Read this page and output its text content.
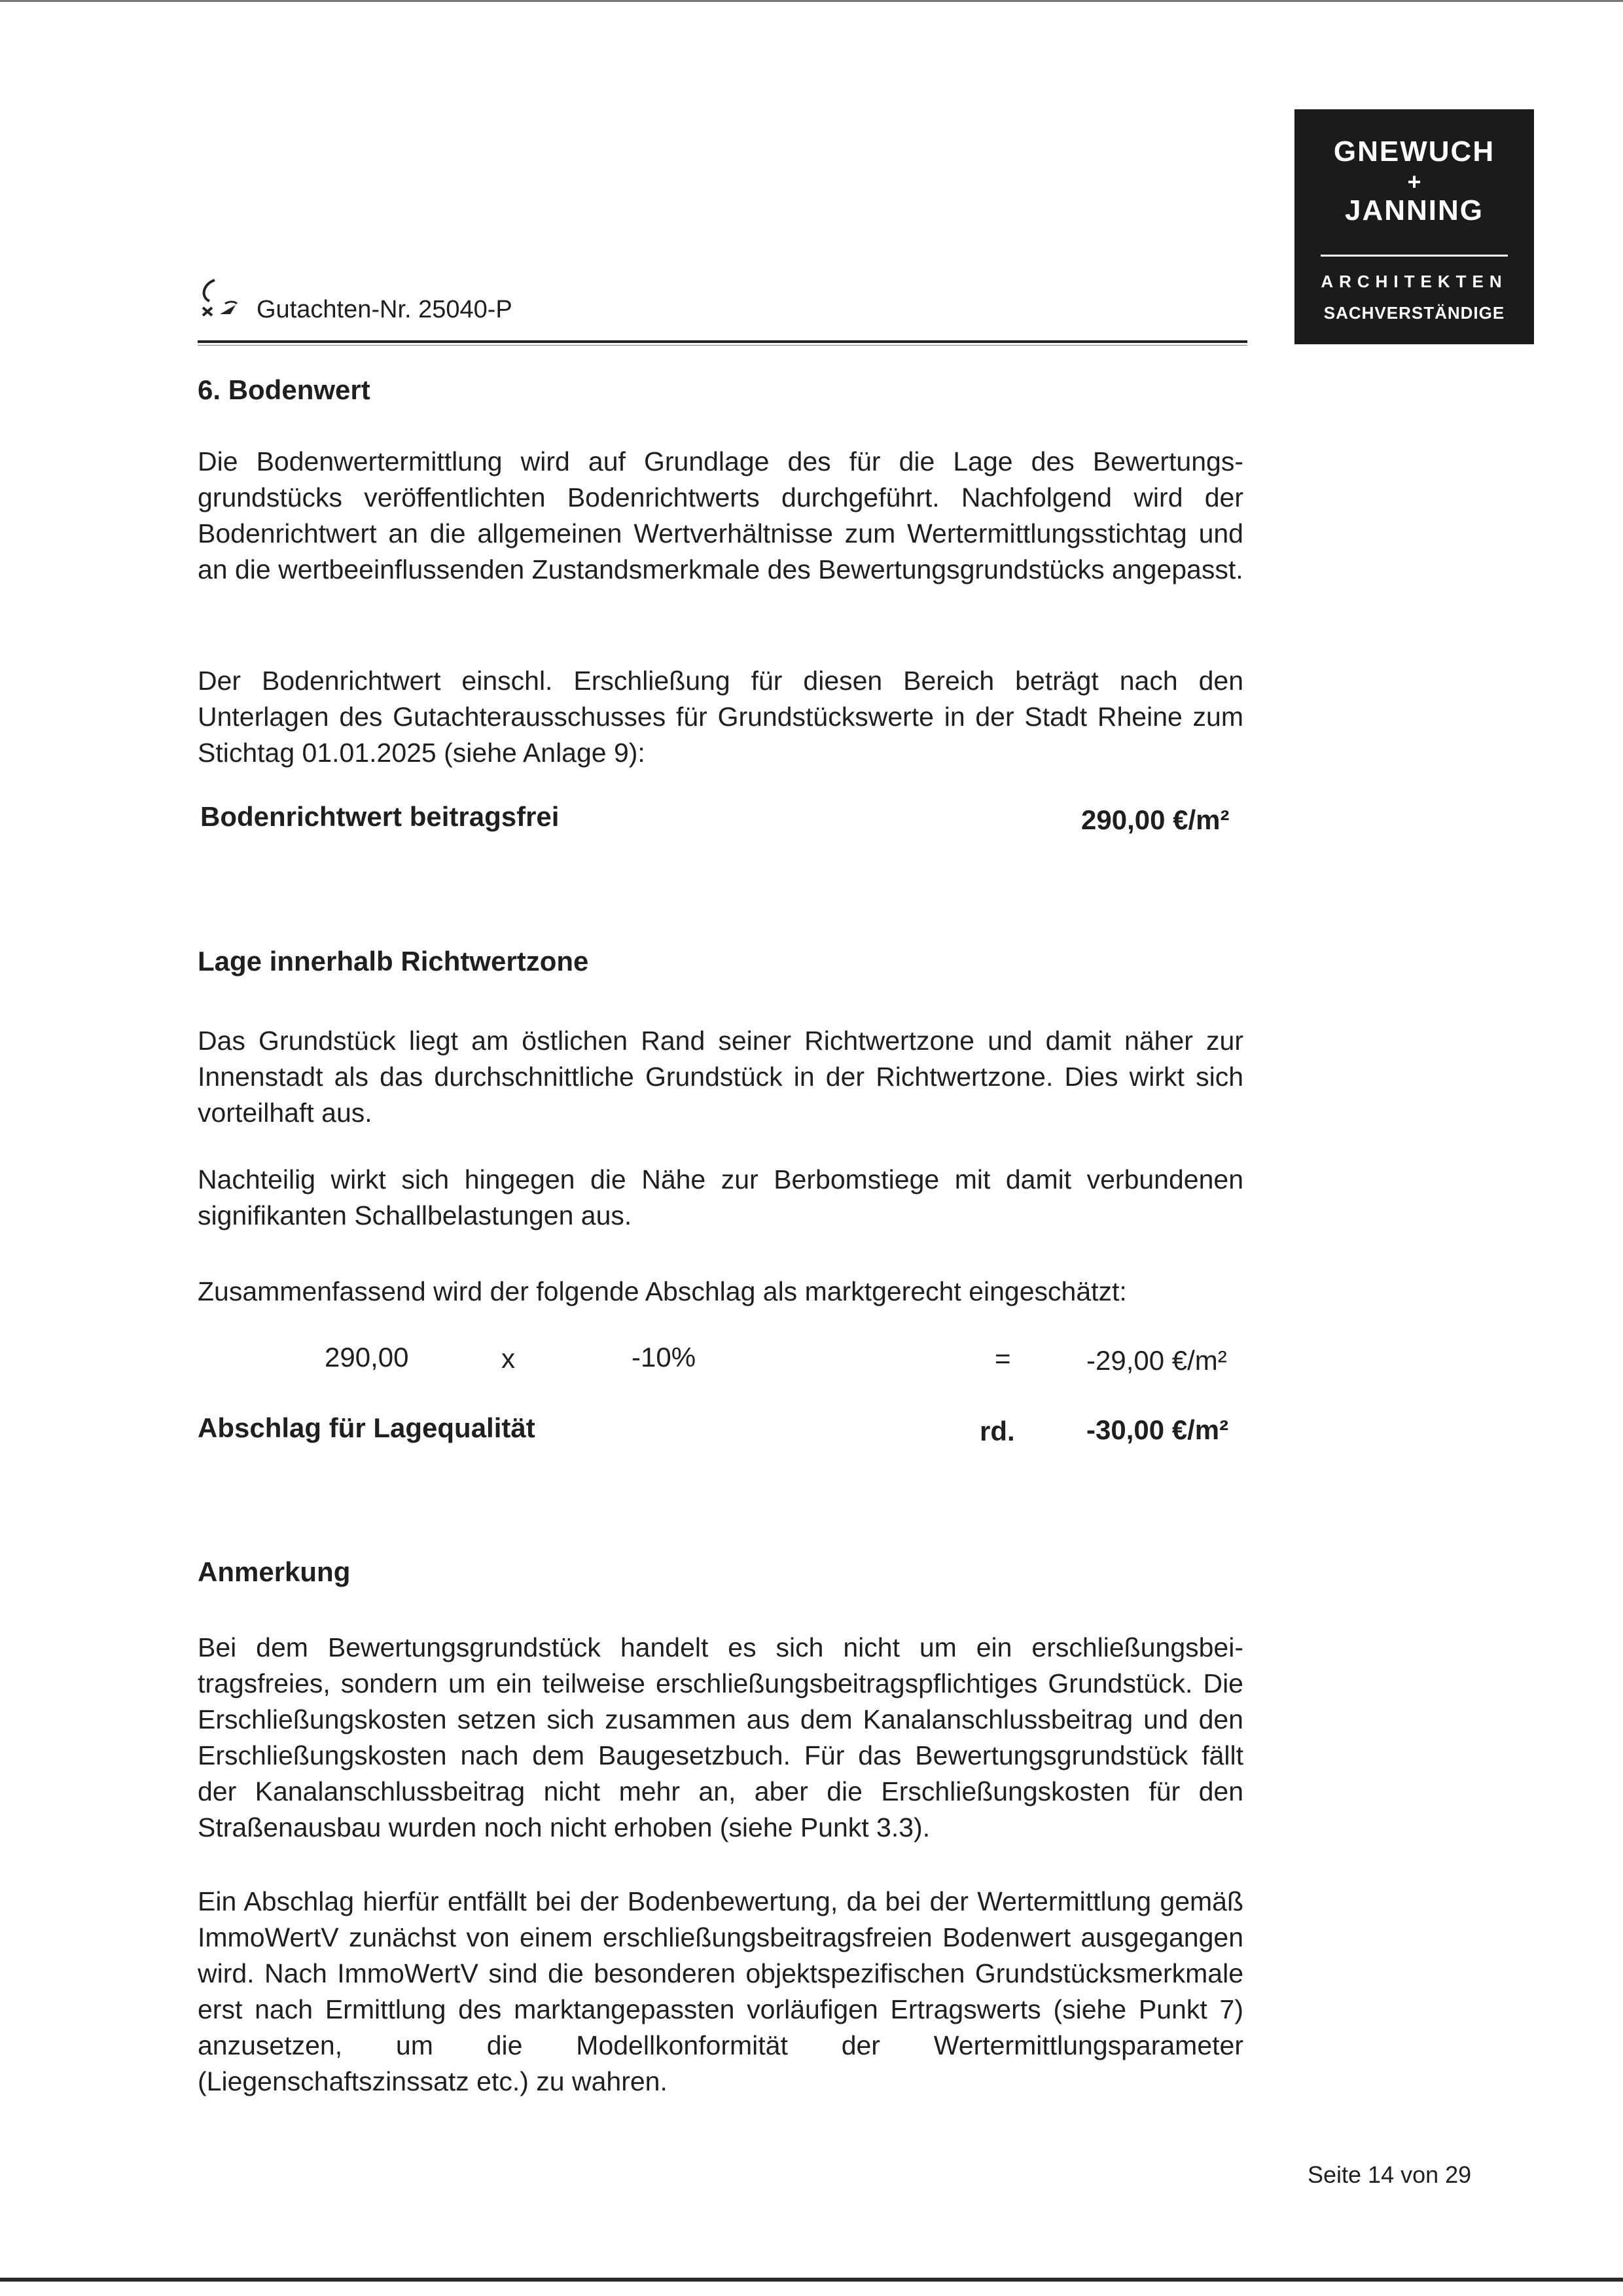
GNEWUCH
+
JANNING
ARCHITEKTEN
SACHVERSTÄNDIGE
Gutachten-Nr. 25040-P
6. Bodenwert

Die Bodenwertermittlung wird auf Grundlage des für die Lage des Bewertungsgrundstücks veröffentlichten Bodenrichtwerts durchgeführt. Nachfolgend wird der Bodenrichtwert an die allgemeinen Wertverhältnisse zum Wertermittlungsstichtag und an die wertbeeinflussenden Zustandsmerkmale des Bewertungsgrundstücks angepasst.

Der Bodenrichtwert einschl. Erschließung für diesen Bereich beträgt nach den Unterlagen des Gutachterausschusses für Grundstückswerte in der Stadt Rheine zum Stichtag 01.01.2025 (siehe Anlage 9):

Bodenrichtwert beitragsfrei	290,00 €/m²
Lage innerhalb Richtwertzone

Das Grundstück liegt am östlichen Rand seiner Richtwertzone und damit näher zur Innenstadt als das durchschnittliche Grundstück in der Richtwertzone. Dies wirkt sich vorteilhaft aus.

Nachteilig wirkt sich hingegen die Nähe zur Berbomstiege mit damit verbundenen signifikanten Schallbelastungen aus.

Zusammenfassend wird der folgende Abschlag als marktgerecht eingeschätzt:

290,00	x	-10%	=	-29,00 €/m²
Abschlag für Lagequalität	rd.	-30,00 €/m²
Anmerkung

Bei dem Bewertungsgrundstück handelt es sich nicht um ein erschließungsbeitragsfreies, sondern um ein teilweise erschließungsbeitragspflichtiges Grundstück. Die Erschließungskosten setzen sich zusammen aus dem Kanalanschlussbeitrag und den Erschließungskosten nach dem Baugesetzbuch. Für das Bewertungsgrundstück fällt der Kanalanschlussbeitrag nicht mehr an, aber die Erschließungskosten für den Straßenausbau wurden noch nicht erhoben (siehe Punkt 3.3).

Ein Abschlag hierfür entfällt bei der Bodenbewertung, da bei der Wertermittlung gemäß ImmoWertV zunächst von einem erschließungsbeitragsfreien Bodenwert ausgegangen wird. Nach ImmoWertV sind die besonderen objektspezifischen Grundstücksmerkmale erst nach Ermittlung des marktangepassten vorläufigen Ertragswerts (siehe Punkt 7) anzusetzen, um die Modellkonformität der Wertermittlungsparameter (Liegenschaftszinssatz etc.) zu wahren.

Seite 14 von 29
